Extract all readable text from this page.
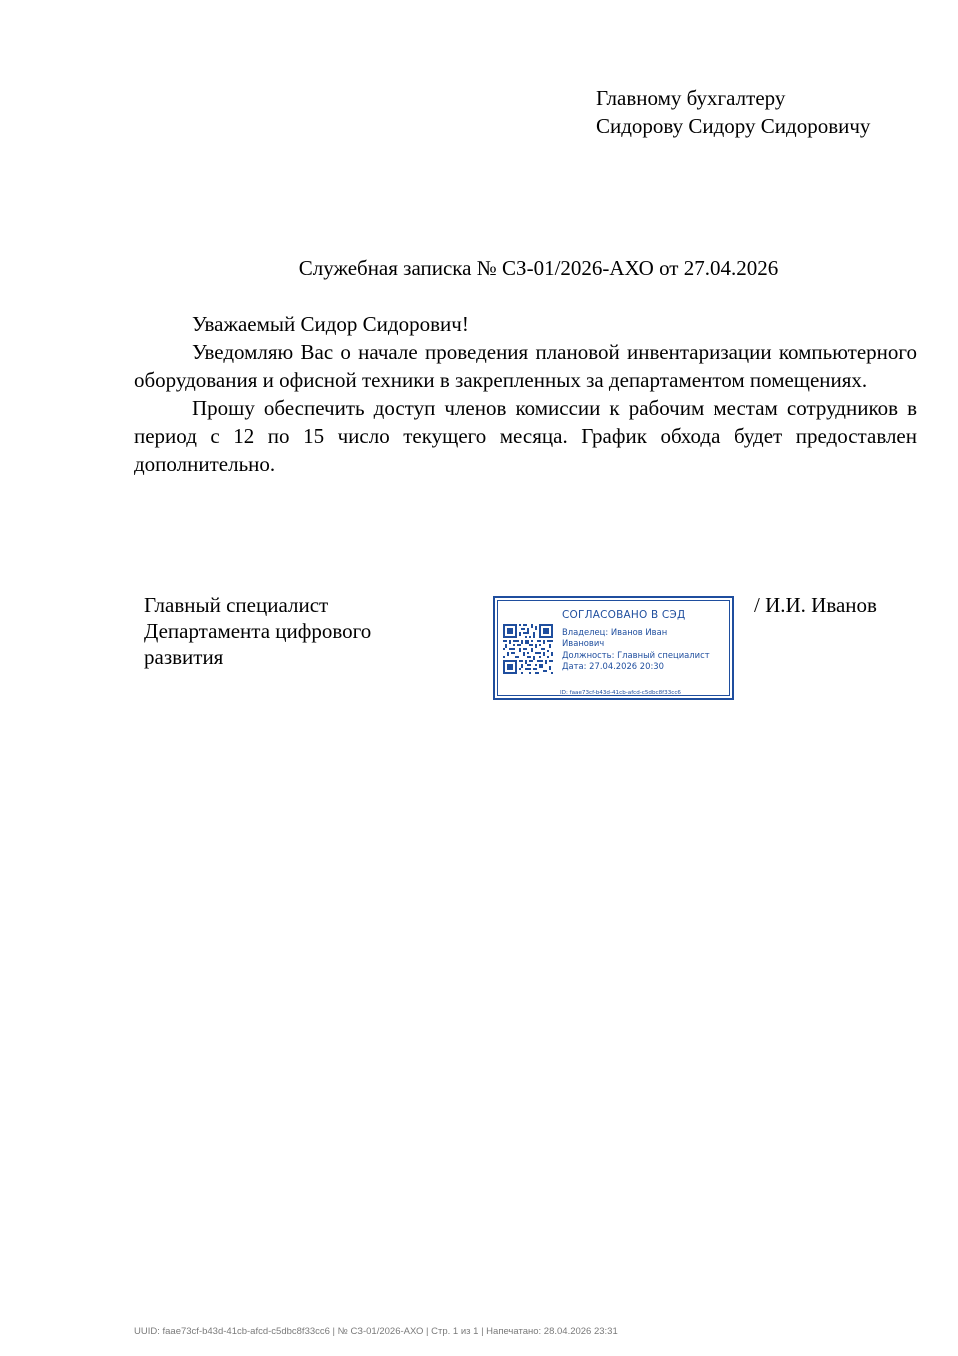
Главному бухгалтеру
Сидорову Сидору Сидоровичу
Служебная записка № СЗ-01/2026-АХО от 27.04.2026

Уважаемый Сидор Сидорович!

Уведомляю Вас о начале проведения плановой инвентаризации компьютерного оборудования и офисной техники в закрепленных за департаментом помещениях.

Прошу обеспечить доступ членов комиссии к рабочим местам сотрудников в период с 12 по 15 число текущего месяца. График обхода будет предоставлен дополнительно.

Главный специалист
Департамента цифрового
развития
СОГЛАСОВАНО В СЭД
Владелец: Иванов Иван Иванович
Должность: Главный специалист
Дата: 27.04.2026 20:30
ID: faae73cf-b43d-41cb-afcd-c5dbc8f33cc6
/ И.И. Иванов
UUID: faae73cf-b43d-41cb-afcd-c5dbc8f33cc6 | № СЗ-01/2026-АХО | Стр. 1 из 1 | Напечатано: 28.04.2026 23:31
